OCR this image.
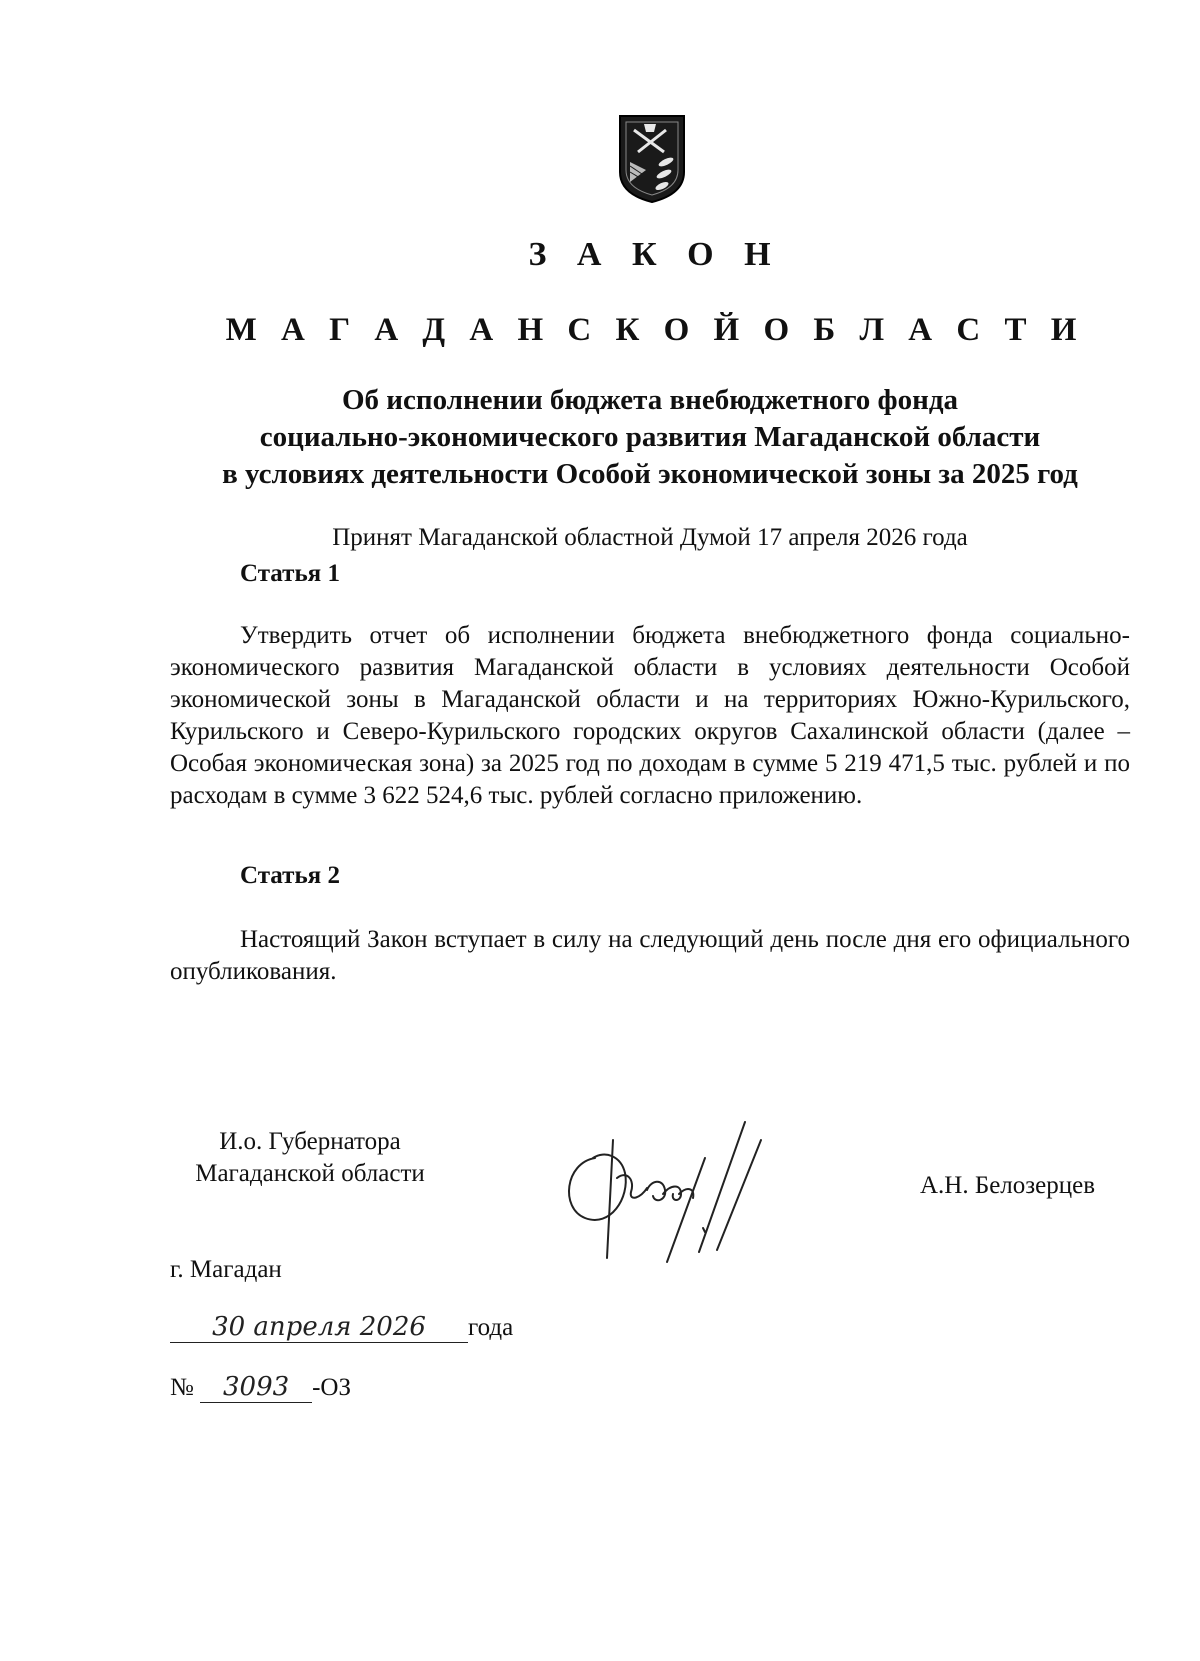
З А К О Н
М А Г А Д А Н С К О Й О Б Л А С Т И
Об исполнении бюджета внебюджетного фонда
социально-экономического развития Магаданской области
в условиях деятельности Особой экономической зоны за 2025 год
Принят Магаданской областной Думой 17 апреля 2026 года
Статья 1
Утвердить отчет об исполнении бюджета внебюджетного фонда социально-экономического развития Магаданской области в условиях деятельности Особой экономической зоны в Магаданской области и на территориях Южно-Курильского, Курильского и Северо-Курильского городских округов Сахалинской области (далее – Особая экономическая зона) за 2025 год по доходам в сумме 5 219 471,5 тыс. рублей и по расходам в сумме 3 622 524,6 тыс. рублей согласно приложению.
Статья 2
Настоящий Закон вступает в силу на следующий день после дня его официального опубликования.
И.о. Губернатора
Магаданской области	А.Н. Белозерцев
г. Магадан
30 апреля 2026 года
№ 3093 -ОЗ
